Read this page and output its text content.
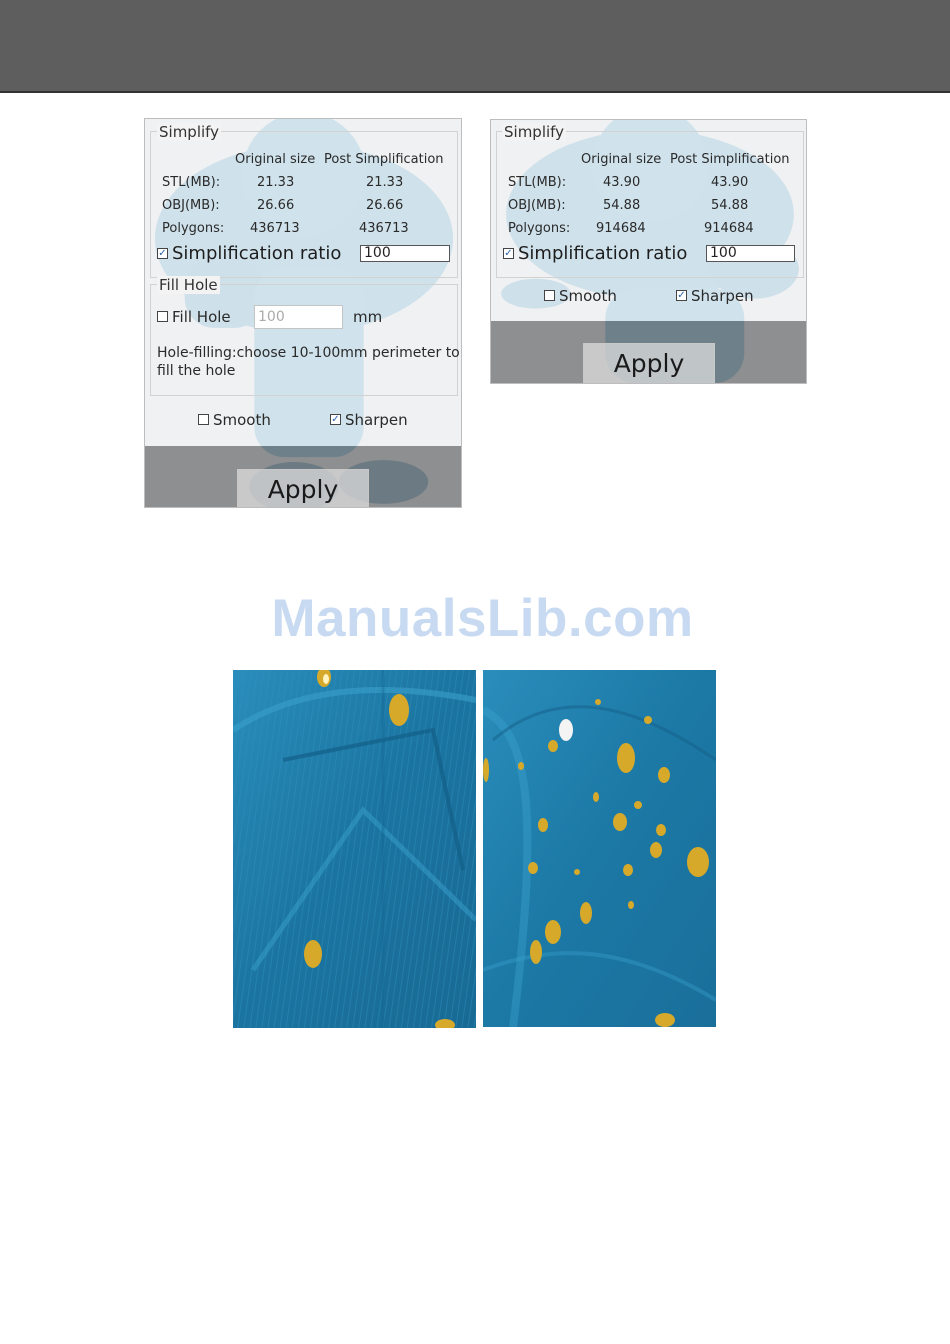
Simplify
Original size Post Simplification
STL(MB):	21.33	21.33
OBJ(MB):	26.66	26.66
Polygons: 436713	436713
✓ Simplification ratio 100
Fill Hole
Fill Hole 100	mm
Hole-filling:choose 10-100mm perimeter to
fill the hole
Smooth	✓ Sharpen
Apply
Simplify
Original size Post Simplification
STL(MB):	43.90	43.90
OBJ(MB):	54.88	54.88
Polygons: 914684	914684
✓ Simplification ratio 100
Smooth	✓ Sharpen
Apply
ManualsLib.com
